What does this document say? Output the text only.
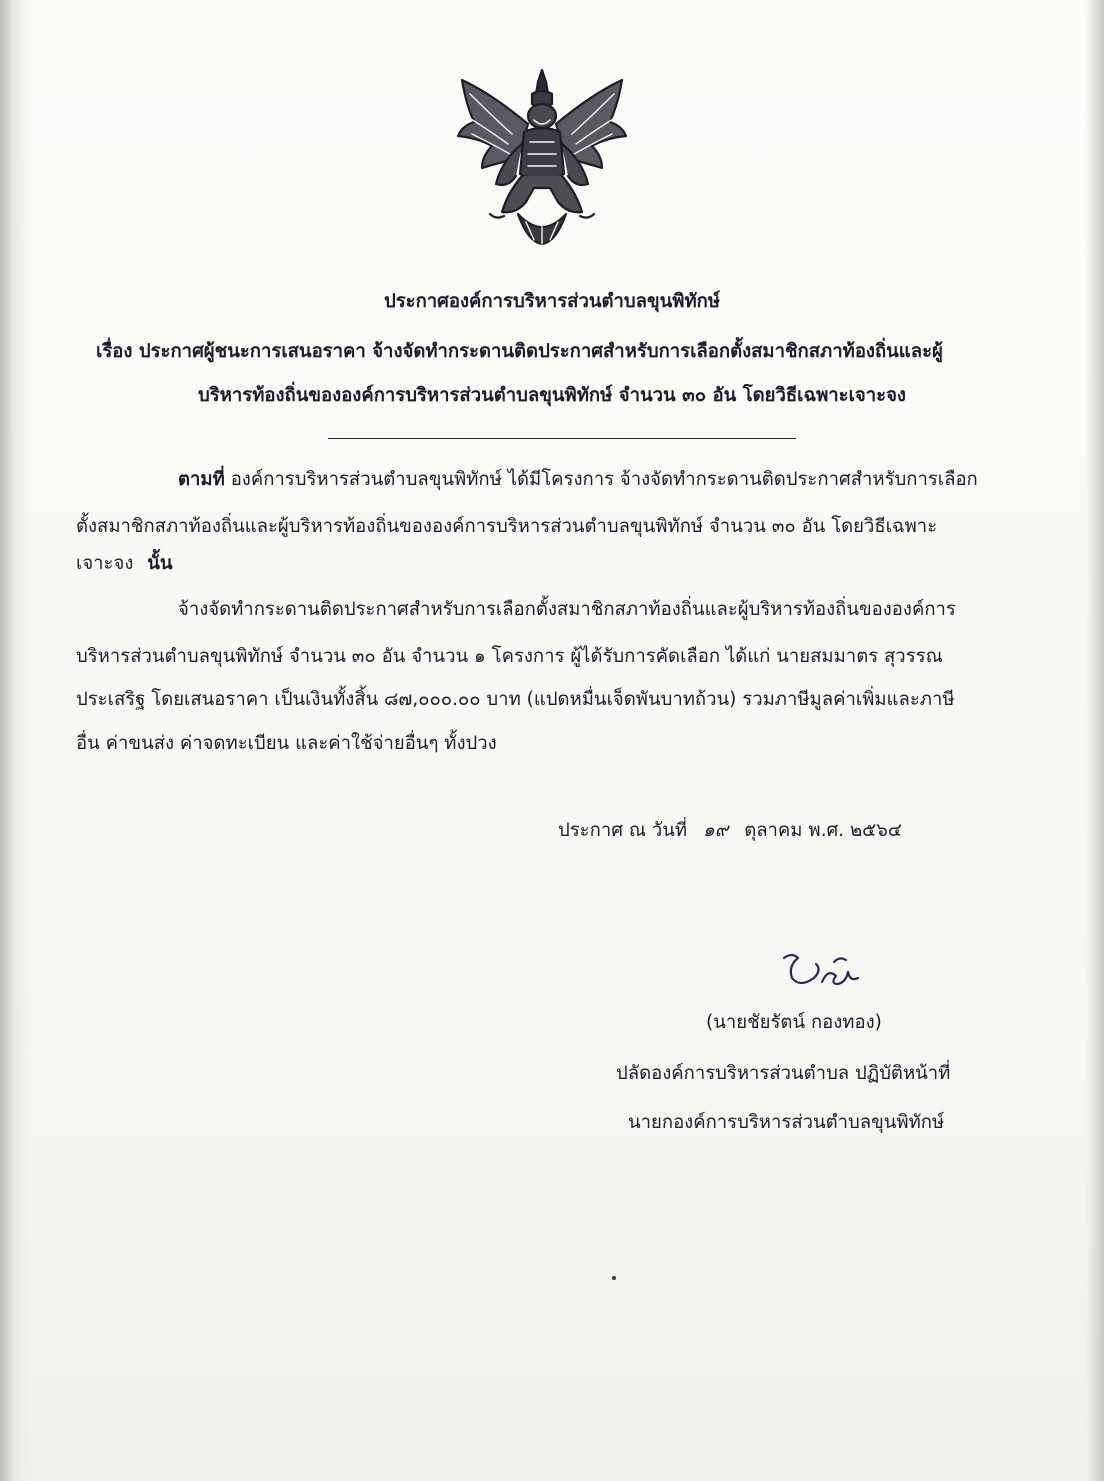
ประกาศองค์การบริหารส่วนตำบลขุนพิทักษ์
เรื่อง ประกาศผู้ชนะการเสนอราคา จ้างจัดทำกระดานติดประกาศสำหรับการเลือกตั้งสมาชิกสภาท้องถิ่นและผู้
บริหารท้องถิ่นขององค์การบริหารส่วนตำบลขุนพิทักษ์ จำนวน ๓๐ อัน โดยวิธีเฉพาะเจาะจง
ตามที่ องค์การบริหารส่วนตำบลขุนพิทักษ์ ได้มีโครงการ จ้างจัดทำกระดานติดประกาศสำหรับการเลือก
ตั้งสมาชิกสภาท้องถิ่นและผู้บริหารท้องถิ่นขององค์การบริหารส่วนตำบลขุนพิทักษ์ จำนวน ๓๐ อัน โดยวิธีเฉพาะ
เจาะจง นั้น
จ้างจัดทำกระดานติดประกาศสำหรับการเลือกตั้งสมาชิกสภาท้องถิ่นและผู้บริหารท้องถิ่นขององค์การ
บริหารส่วนตำบลขุนพิทักษ์ จำนวน ๓๐ อัน จำนวน ๑ โครงการ ผู้ได้รับการคัดเลือก ได้แก่ นายสมมาตร สุวรรณ
ประเสริฐ โดยเสนอราคา เป็นเงินทั้งสิ้น ๘๗,๐๐๐.๐๐ บาท (แปดหมื่นเจ็ดพันบาทถ้วน) รวมภาษีมูลค่าเพิ่มและภาษี
อื่น ค่าขนส่ง ค่าจดทะเบียน และค่าใช้จ่ายอื่นๆ ทั้งปวง
ประกาศ ณ วันที่ ๑๙ ตุลาคม พ.ศ. ๒๕๖๔
(นายชัยรัตน์ กองทอง)
ปลัดองค์การบริหารส่วนตำบล ปฏิบัติหน้าที่
นายกองค์การบริหารส่วนตำบลขุนพิทักษ์
